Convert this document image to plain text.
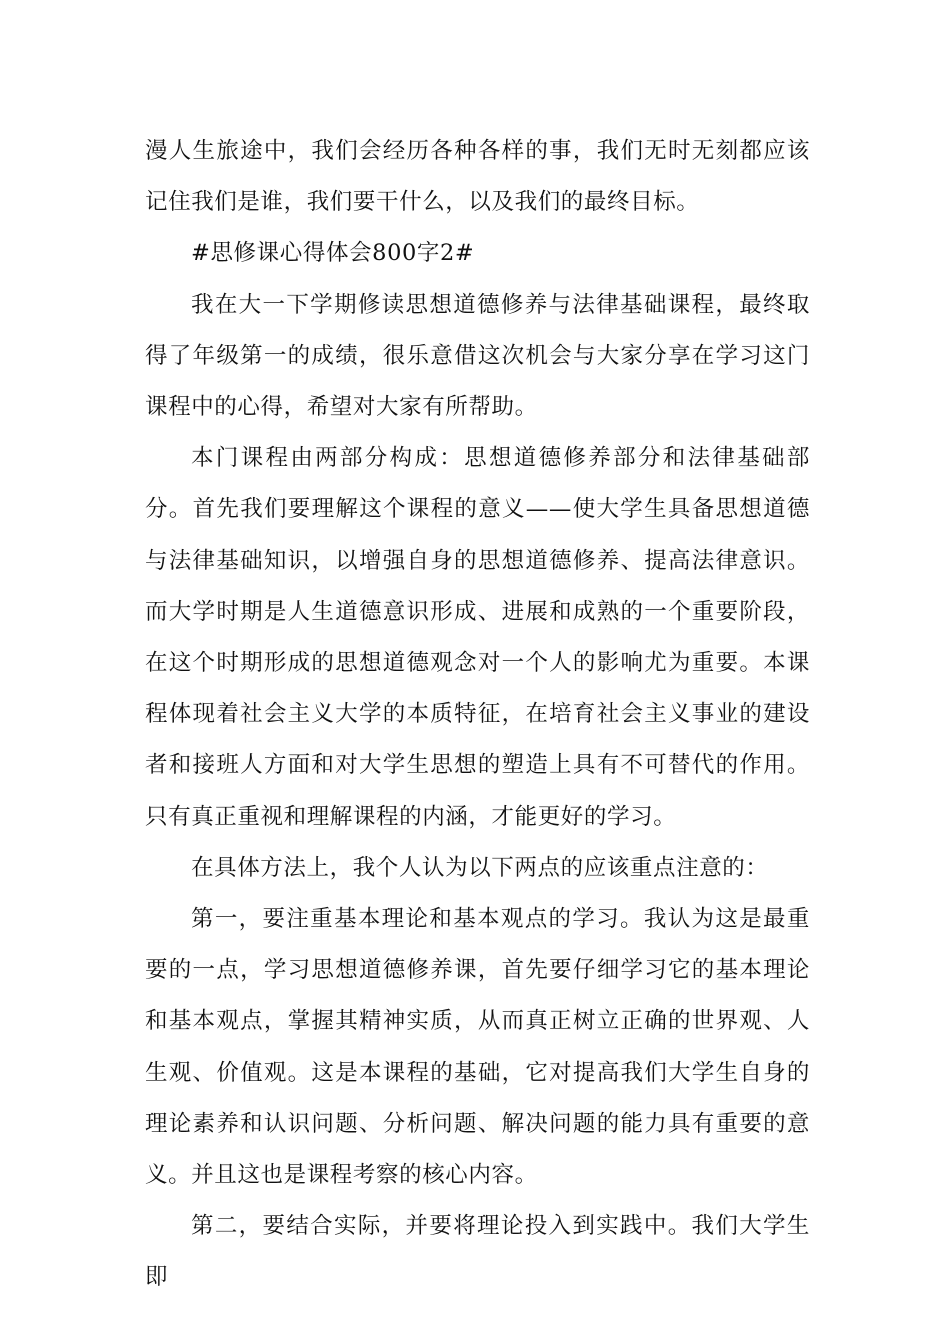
漫人生旅途中，我们会经历各种各样的事，我们无时无刻都应该记住我们是谁，我们要干什么，以及我们的最终目标。

#思修课心得体会800字2#

我在大一下学期修读思想道德修养与法律基础课程，最终取得了年级第一的成绩，很乐意借这次机会与大家分享在学习这门课程中的心得，希望对大家有所帮助。

本门课程由两部分构成：思想道德修养部分和法律基础部分。首先我们要理解这个课程的意义——使大学生具备思想道德与法律基础知识，以增强自身的思想道德修养、提高法律意识。而大学时期是人生道德意识形成、进展和成熟的一个重要阶段，在这个时期形成的思想道德观念对一个人的影响尤为重要。本课程体现着社会主义大学的本质特征，在培育社会主义事业的建设者和接班人方面和对大学生思想的塑造上具有不可替代的作用。只有真正重视和理解课程的内涵，才能更好的学习。

在具体方法上，我个人认为以下两点的应该重点注意的：

第一，要注重基本理论和基本观点的学习。我认为这是最重要的一点，学习思想道德修养课，首先要仔细学习它的基本理论和基本观点，掌握其精神实质，从而真正树立正确的世界观、人生观、价值观。这是本课程的基础，它对提高我们大学生自身的理论素养和认识问题、分析问题、解决问题的能力具有重要的意义。并且这也是课程考察的核心内容。

第二，要结合实际，并要将理论投入到实践中。我们大学生即
